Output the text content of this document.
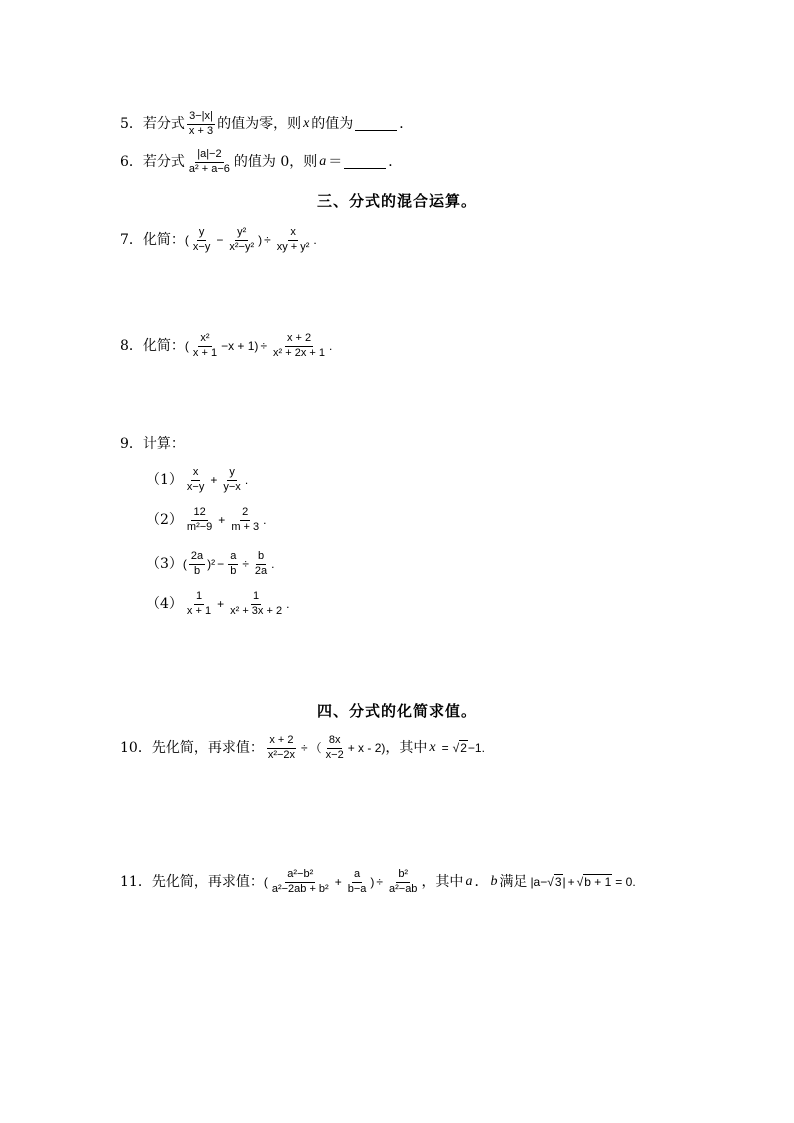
5．若分式 $\frac{3-|x|}{x + 3}$ 的值为零，则 x 的值为	．
6．若分式 $\frac{|a|-2}{\text{a² + a−6}}$ 的值为 0，则 a ＝	．
三、分式的混合运算。
7．化简： ( $\frac{y}{x-y} - \frac{\text{y²}}{\text{x²−y²}}$ ) ÷ $\frac{x}{\text{xy + y²}}$ .
8．化简： ( $\frac{\text{x²}}{x + 1} -x + 1) \div \frac{x + 2}{\text{x² + 2x + 1}}$ .
9．计算：
$(1) \frac{x}{x-y} + \frac{y}{y-x}$ .
$(2) \frac{12}{\text{m²−9}} + \frac{2}{m + 3}$ .
（3） ( $\frac{2a}{b} )^2 - \frac{a}{b} \div \frac{b}{2a}$ .
$(4) \frac{1}{x + 1} + \frac{1}{\text{x² + 3x + 2}}$ .
四、分式的化简求值。
10．先化简，再求值： $\frac{x + 2}{\text{x²−2x}}$ ÷ （ $\frac{8x}{x-2} + x - 2$) ，其中 x = √2 −1 .
11．先化简，再求值： ( $\frac{\text{a²−b²}}{\text{a²−2ab + b²}} + \frac{a}{b-a}$ ) ÷ $\frac{\text{b²}}{\text{a²−ab}}$ ，其中 a ． b 满足 |a− √3 | + √b + 1 = 0 .
